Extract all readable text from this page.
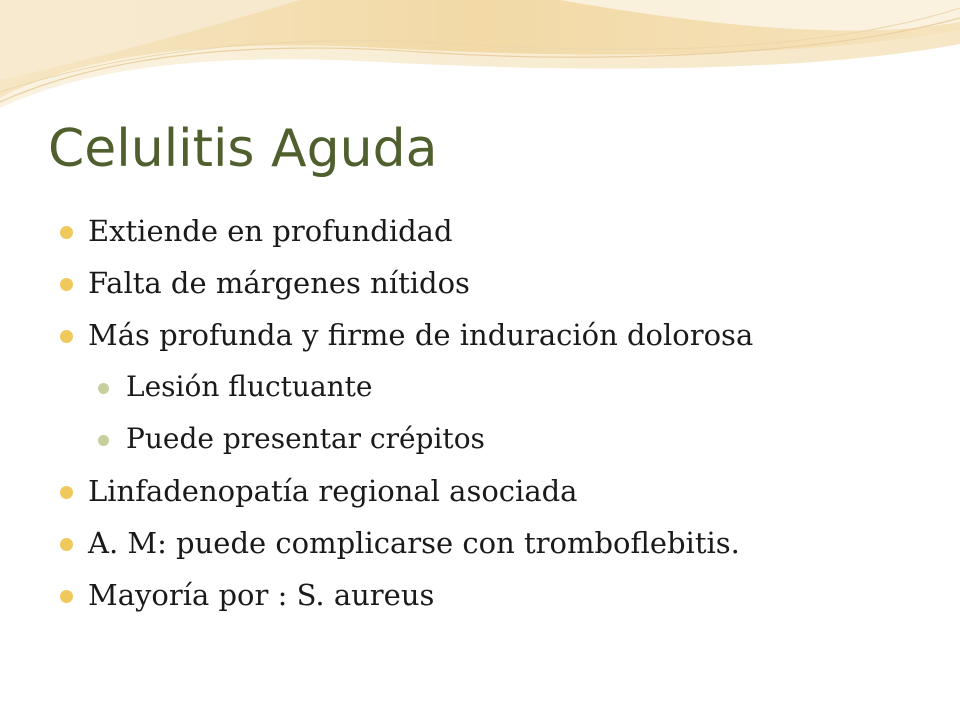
Celulitis Aguda
Extiende en profundidad
Falta de márgenes nítidos
Más profunda y firme de induración dolorosa
Lesión fluctuante
Puede presentar crépitos
Linfadenopatía regional asociada
A. M: puede complicarse con tromboflebitis.
Mayoría por : S. aureus
